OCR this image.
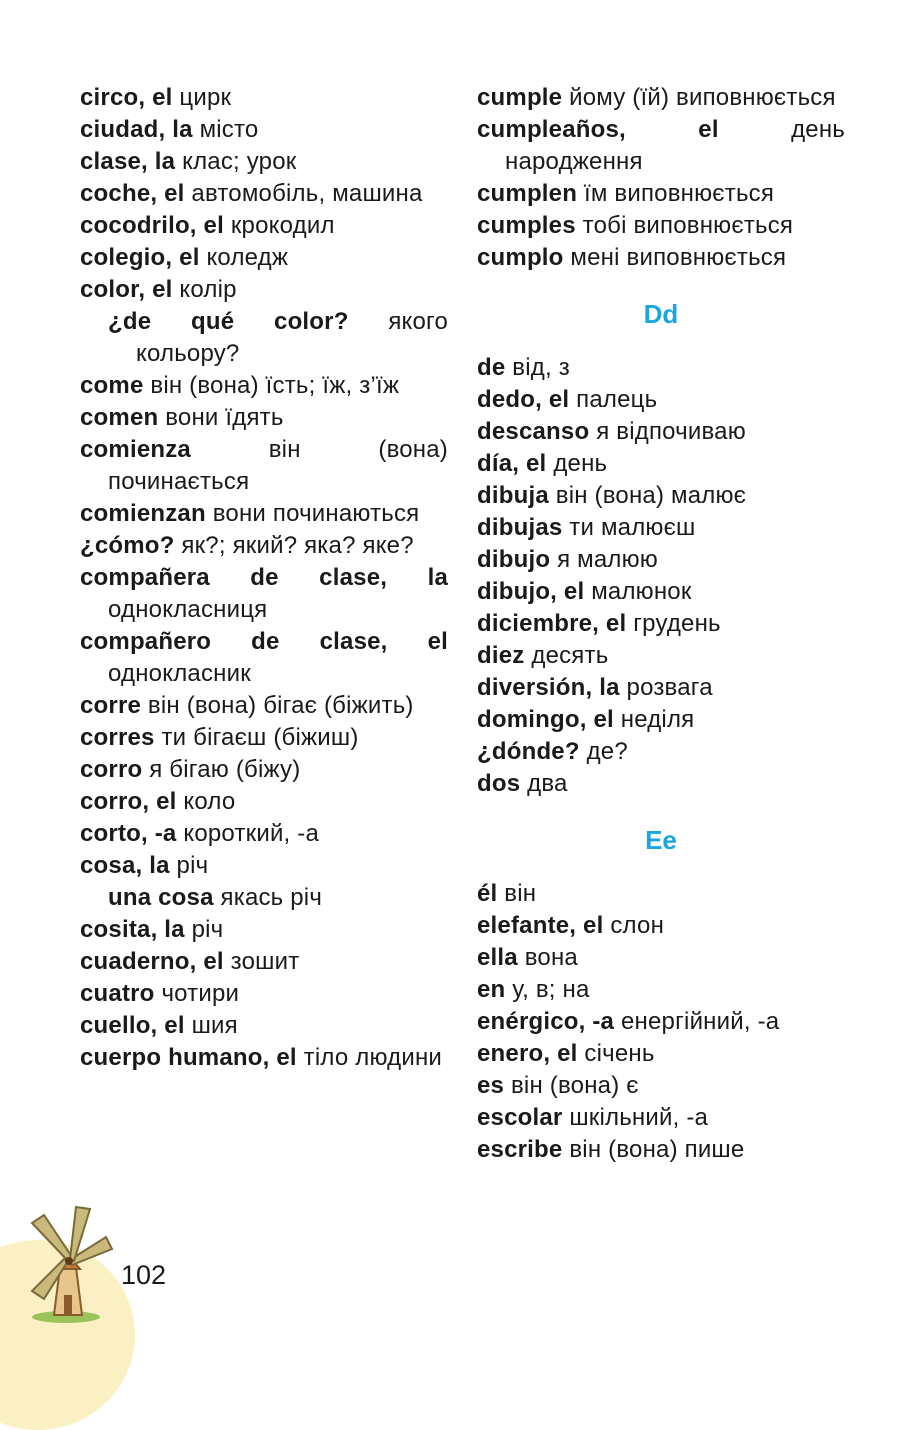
102
circo, el цирк
ciudad, la місто
clase, la клас; урок
coche, el автомобіль, машина
cocodrilo, el крокодил
colegio, el коледж
color, el колір
¿de qué color? якого кольору?
come він (вона) їсть; їж, з’їж
comen вони їдять
comienza	він (вона) починається
comienzan вони починаються
¿cómo? як?; який? яка? яке?
compañera de clase, la однокласниця
compañero de clase, el однокласник
corre він (вона) бігає (біжить)
corres ти бігаєш (біжиш)
corro я бігаю (біжу)
corro, el коло
corto, -a короткий, -а
cosa, la річ
una cosa якась річ
cosita, la річ
cuaderno, el зошит
cuatro чотири
cuello, el шия
cuerpo humano, el тіло людини
cumple йому (їй) виповнюється
cumpleaños, el	день народження
cumplen їм виповнюється
cumples тобі виповнюється
cumplo мені виповнюється
Dd
de від, з
dedo, el палець
descanso я відпочиваю
día, el день
dibuja він (вона) малює
dibujas ти малюєш
dibujo я малюю
dibujo, el малюнок
diciembre, el грудень
diez десять
diversión, la розвага
domingo, el неділя
¿dónde? де?
dos два
Ee
él він
elefante, el слон
ella вона
en у, в; на
enérgico, -a енергійний, -а
enero, el січень
es він (вона) є
escolar шкільний, -а
escribe він (вона) пише
